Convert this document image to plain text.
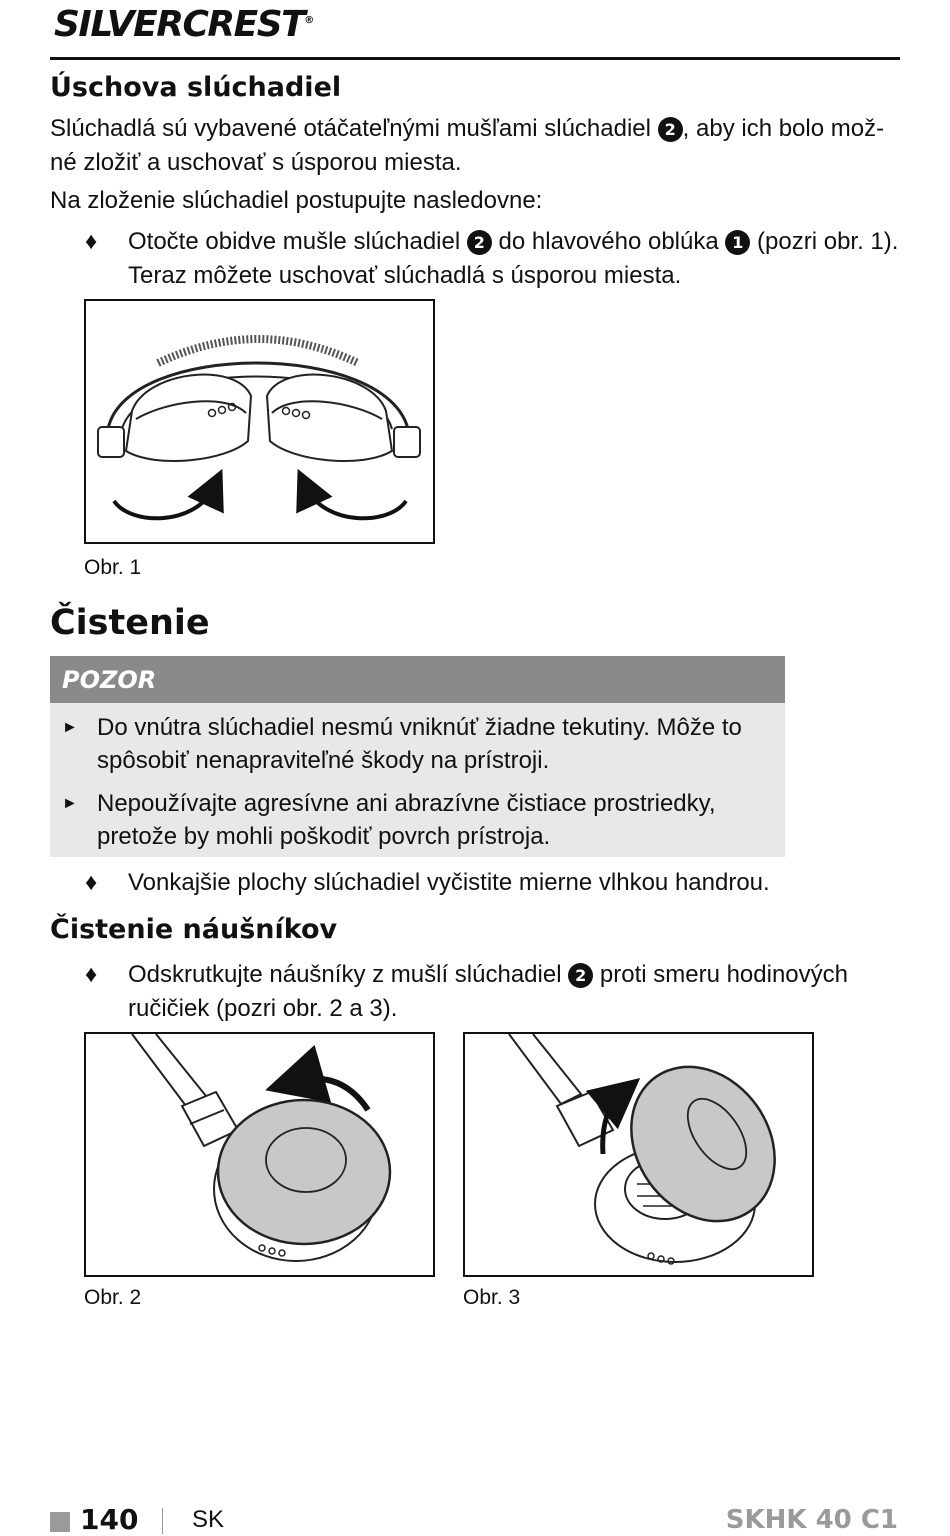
SILVERCREST®
Úschova slúchadiel

Slúchadlá sú vybavené otáčateľnými mušľami slúchadiel 2 , aby ich bolo mož-né zložiť a uschovať s úsporou miesta.

Na zloženie slúchadiel postupujte nasledovne:

♦	Otočte obidve mušle slúchadiel 2 do hlavového oblúka 1 (pozri obr. 1). Teraz môžete uschovať slúchadlá s úsporou miesta.
Obr. 1
Čistenie
POZOR
► Do vnútra slúchadiel nesmú vniknúť žiadne tekutiny. Môže to spôsobiť nenapraviteľné škody na prístroji.
► Nepoužívajte agresívne ani abrazívne čistiace prostriedky, pretože by mohli poškodiť povrch prístroja.
♦	Vonkajšie plochy slúchadiel vyčistite mierne vlhkou handrou.
Čistenie náušníkov
♦	Odskrutkujte náušníky z mušlí slúchadiel 2 proti smeru hodinových ručičiek (pozri obr. 2 a 3).
Obr. 2	Obr. 3
140 SK	SKHK 40 C1
